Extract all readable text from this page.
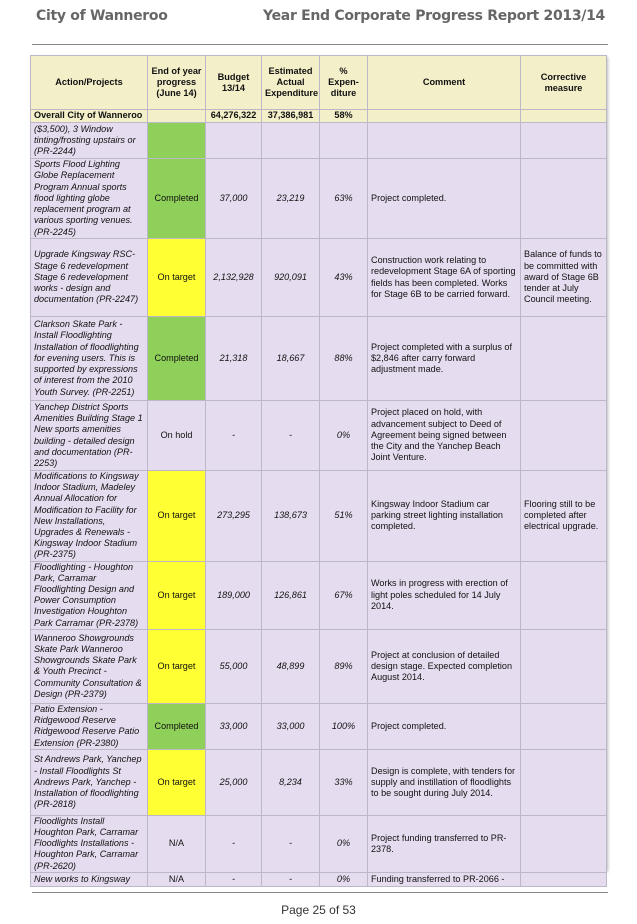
City of Wanneroo	Year End Corporate Progress Report 2013/14
Action/Projects	End of year progress (June 14)	Budget 13/14	Estimated Actual Expenditure	% Expen-diture	Comment	Corrective measure
Overall City of Wanneroo		64,276,322	37,386,981	58%		
($3,500), 3 Window tinting/frosting upstairs or (PR-2244)						
Sports Flood Lighting Globe Replacement Program Annual sports flood lighting globe replacement program at various sporting venues. (PR-2245)	Completed	37,000	23,219	63%	Project completed.	
Upgrade Kingsway RSC- Stage 6 redevelopment Stage 6 redevelopment works - design and documentation (PR-2247)	On target	2,132,928	920,091	43%	Construction work relating to redevelopment Stage 6A of sporting fields has been completed. Works for Stage 6B to be carried forward.	Balance of funds to be committed with award of Stage 6B tender at July Council meeting.
Clarkson Skate Park - Install Floodlighting Installation of floodlighting for evening users. This is supported by expressions of interest from the 2010 Youth Survey. (PR-2251)	Completed	21,318	18,667	88%	Project completed with a surplus of $2,846 after carry forward adjustment made.	
Yanchep District Sports Amenities Building Stage 1 New sports amenities building - detailed design and documentation (PR-2253)	On hold	-	-	0%	Project placed on hold, with advancement subject to Deed of Agreement being signed between the City and the Yanchep Beach Joint Venture.	
Modifications to Kingsway Indoor Stadium, Madeley Annual Allocation for Modification to Facility for New Installations, Upgrades & Renewals - Kingsway Indoor Stadium (PR-2375)	On target	273,295	138,673	51%	Kingsway Indoor Stadium car parking street lighting installation completed.	Flooring still to be completed after electrical upgrade.
Floodlighting - Houghton Park, Carramar Floodlighting Design and Power Consumption Investigation Houghton Park Carramar (PR-2378)	On target	189,000	126,861	67%	Works in progress with erection of light poles scheduled for 14 July 2014.	
Wanneroo Showgrounds Skate Park Wanneroo Showgrounds Skate Park & Youth Precinct - Community Consultation & Design (PR-2379)	On target	55,000	48,899	89%	Project at conclusion of detailed design stage. Expected completion August 2014.	
Patio Extension - Ridgewood Reserve Ridgewood Reserve Patio Extension (PR-2380)	Completed	33,000	33,000	100%	Project completed.	
St Andrews Park, Yanchep - Install Floodlights St Andrews Park, Yanchep - Installation of floodlighting (PR-2818)	On target	25,000	8,234	33%	Design is complete, with tenders for supply and instillation of floodlights to be sought during July 2014.	
Floodlights Install Houghton Park, Carramar Floodlights Installations - Houghton Park, Carramar (PR-2620)	N/A	-	-	0%	Project funding transferred to PR-2378.	
New works to Kingsway	N/A	-	-	0%	Funding transferred to PR-2066 -	
Page 25 of 53
